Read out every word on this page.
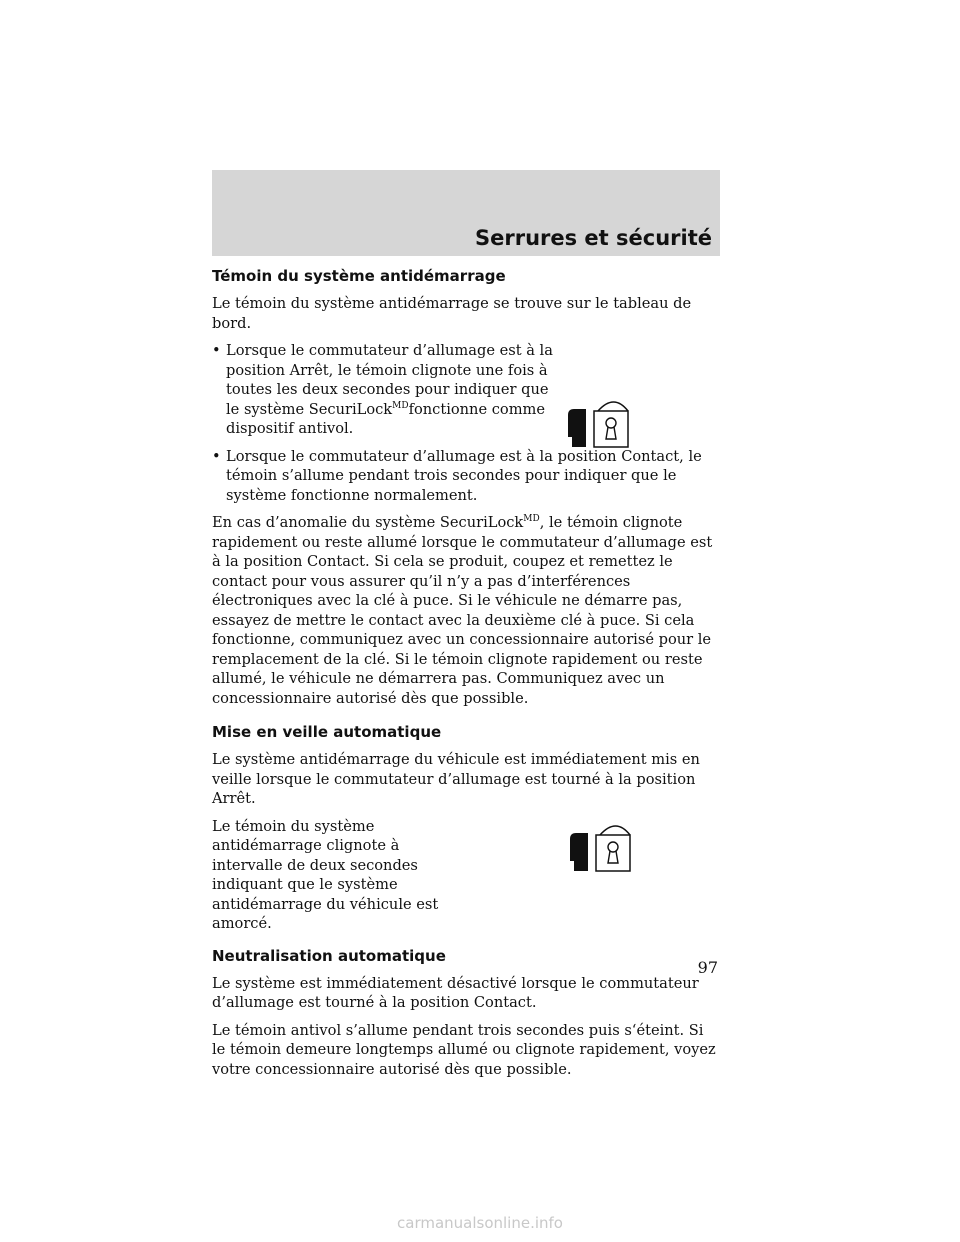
Serrures et sécurité
Témoin du système antidémarrage

Le témoin du système antidémarrage se trouve sur le tableau de bord.

• Lorsque le commutateur d’allumage est à la position Arrêt, le témoin clignote une fois à toutes les deux secondes pour indiquer que le système SecuriLock$^{MD}$fonctionne comme dispositif antivol.
• Lorsque le commutateur d’allumage est à la position Contact, le témoin s’allume pendant trois secondes pour indiquer que le système fonctionne normalement.

En cas d’anomalie du système SecuriLock$^{MD}$, le témoin clignote rapidement ou reste allumé lorsque le commutateur d’allumage est à la position Contact. Si cela se produit, coupez et remettez le contact pour vous assurer qu’il n’y a pas d’interférences électroniques avec la clé à puce. Si le véhicule ne démarre pas, essayez de mettre le contact avec la deuxième clé à puce. Si cela fonctionne, communiquez avec un concessionnaire autorisé pour le remplacement de la clé. Si le témoin clignote rapidement ou reste allumé, le véhicule ne démarrera pas. Communiquez avec un concessionnaire autorisé dès que possible.

Mise en veille automatique

Le système antidémarrage du véhicule est immédiatement mis en veille lorsque le commutateur d’allumage est tourné à la position Arrêt.

Le témoin du système antidémarrage clignote à intervalle de deux secondes indiquant que le système antidémarrage du véhicule est amorcé.

Neutralisation automatique

Le système est immédiatement désactivé lorsque le commutateur d’allumage est tourné à la position Contact.

Le témoin antivol s’allume pendant trois secondes puis s‘éteint. Si le témoin demeure longtemps allumé ou clignote rapidement, voyez votre concessionnaire autorisé dès que possible.

97
carmanualsonline.info
